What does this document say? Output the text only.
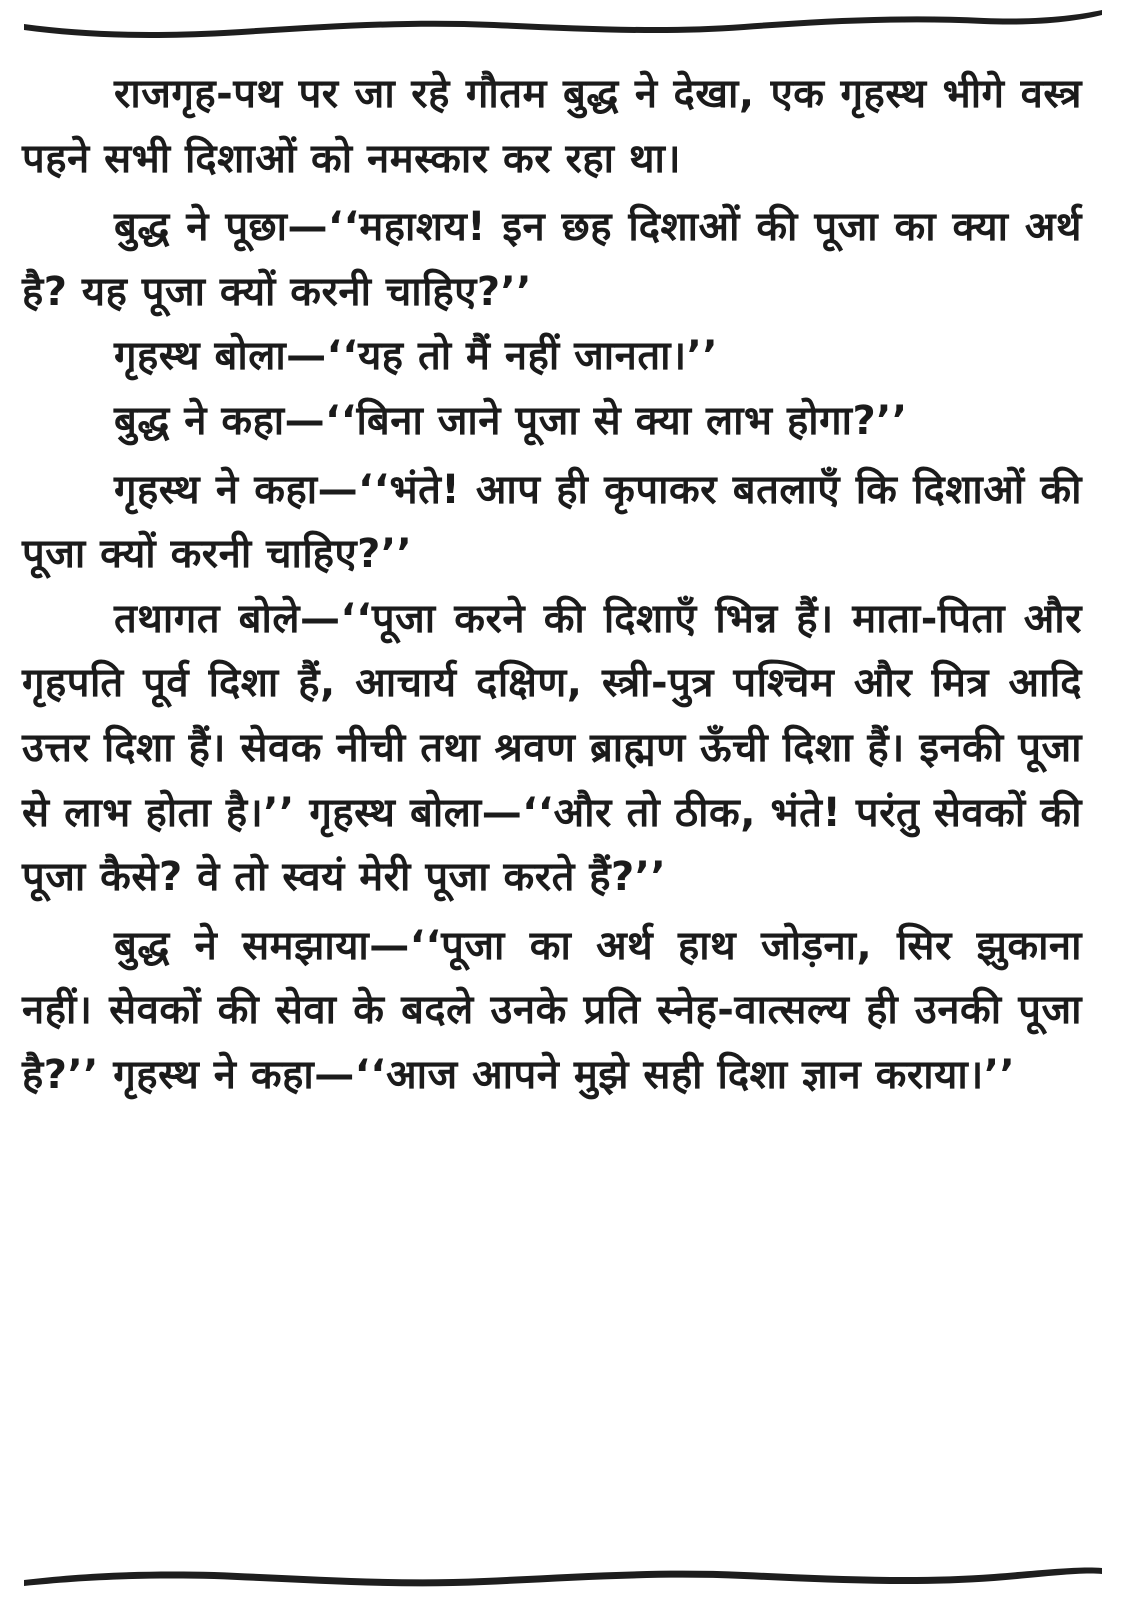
राजगृह-पथ पर जा रहे गौतम बुद्ध ने देखा, एक गृहस्थ भीगे वस्त्र पहने सभी दिशाओं को नमस्कार कर रहा था।

बुद्ध ने पूछा—‘‘महाशय! इन छह दिशाओं की पूजा का क्या अर्थ है? यह पूजा क्यों करनी चाहिए?’’

गृहस्थ बोला—‘‘यह तो मैं नहीं जानता।’’

बुद्ध ने कहा—‘‘बिना जाने पूजा से क्या लाभ होगा?’’

गृहस्थ ने कहा—‘‘भंते! आप ही कृपाकर बतलाएँ कि दिशाओं की पूजा क्यों करनी चाहिए?’’

तथागत बोले—‘‘पूजा करने की दिशाएँ भिन्न हैं। माता-पिता और गृहपति पूर्व दिशा हैं, आचार्य दक्षिण, स्त्री-पुत्र पश्चिम और मित्र आदि उत्तर दिशा हैं। सेवक नीची तथा श्रवण ब्राह्मण ऊँची दिशा हैं। इनकी पूजा से लाभ होता है।’’ गृहस्थ बोला—‘‘और तो ठीक, भंते! परंतु सेवकों की पूजा कैसे? वे तो स्वयं मेरी पूजा करते हैं?’’

बुद्ध ने समझाया—‘‘पूजा का अर्थ हाथ जोड़ना, सिर झुकाना नहीं। सेवकों की सेवा के बदले उनके प्रति स्नेह-वात्सल्य ही उनकी पूजा है?’’ गृहस्थ ने कहा—‘‘आज आपने मुझे सही दिशा ज्ञान कराया।’’
